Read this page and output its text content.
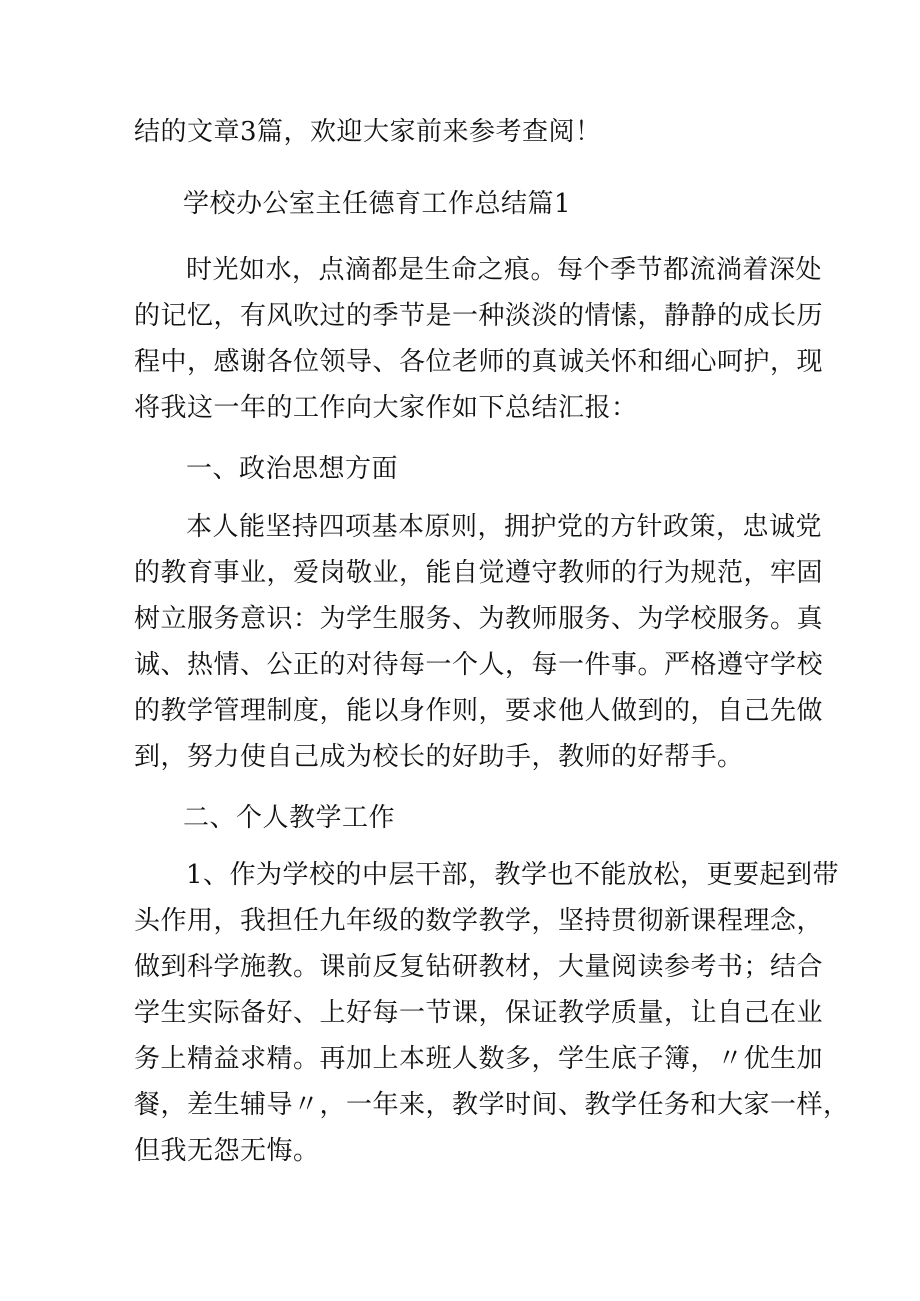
结的文章3篇，欢迎大家前来参考查阅！

学校办公室主任德育工作总结篇1

时光如水，点滴都是生命之痕。每个季节都流淌着深处

的记忆，有风吹过的季节是一种淡淡的情愫，静静的成长历

程中，感谢各位领导、各位老师的真诚关怀和细心呵护，现

将我这一年的工作向大家作如下总结汇报：

一、政治思想方面

本人能坚持四项基本原则，拥护党的方针政策，忠诚党

的教育事业，爱岗敬业，能自觉遵守教师的行为规范，牢固

树立服务意识：为学生服务、为教师服务、为学校服务。真

诚、热情、公正的对待每一个人，每一件事。严格遵守学校

的教学管理制度，能以身作则，要求他人做到的，自己先做

到，努力使自己成为校长的好助手，教师的好帮手。

二、个人教学工作

1、作为学校的中层干部，教学也不能放松，更要起到带

头作用，我担任九年级的数学教学，坚持贯彻新课程理念，

做到科学施教。课前反复钻研教材，大量阅读参考书；结合

学生实际备好、上好每一节课，保证教学质量，让自己在业

务上精益求精。再加上本班人数多，学生底子簿，〃优生加

餐，差生辅导〃，一年来，教学时间、教学任务和大家一样，

但我无怨无悔。
